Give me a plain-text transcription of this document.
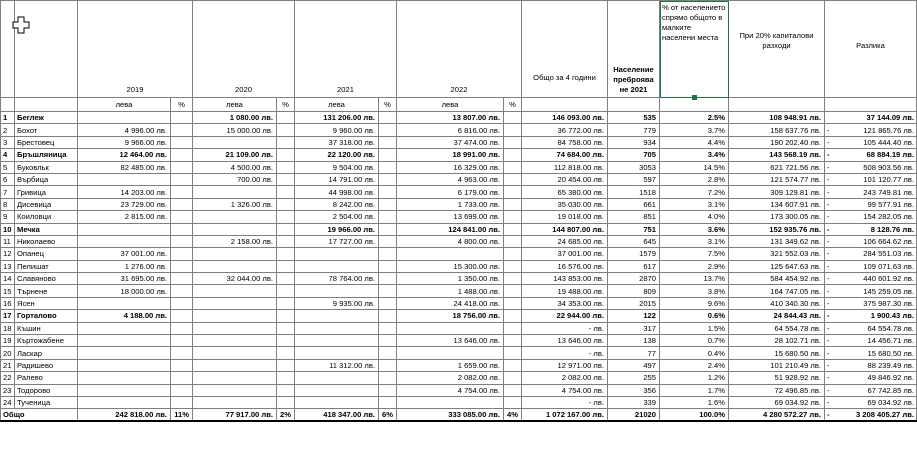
		2019		2020		2021		2022		Общо за 4 години	Население преброява не 2021	% от населението спрямо общото в малките населени места	При 20% капиталови разходи	Разлика
		лева	%	лева	%	лева	%	лева	%					
1	Беглеж			1 080.00 лв.		131 206.00 лв.		13 807.00 лв.		146 093.00 лв.	535	2.5%	108 948.91 лв.	37 144.09 лв.

2	Бохот	4 996.00 лв.		15 000.00 лв.		9 960.00 лв.		6 816.00 лв.		36 772.00 лв.	779	3.7%	158 637.76 лв.	- 121 865.76 лв.

3	Брестовец	9 966.00 лв.				37 318.00 лв.		37 474.00 лв.		84 758.00 лв.	934	4.4%	190 202.40 лв.	- 105 444.40 лв.

4	Бръшляница	12 464.00 лв.		21 109.00 лв.		22 120.00 лв.		18 991.00 лв.		74 684.00 лв.	705	3.4%	143 568.19 лв.	- 68 884.19 лв.

5	Буковльк	82 485.00 лв.		4 500.00 лв.		9 504.00 лв.		16 329.00 лв.		112 818.00 лв.	3053	14.5%	621 721.56 лв.	- 508 903.56 лв.

6	Върбица			700.00 лв.		14 791.00 лв.		4 963.00 лв.		20 454.00 лв.	597	2.8%	121 574.77 лв.	- 101 120.77 лв.

7	Гривица	14 203.00 лв.				44 998.00 лв.		6 179.00 лв.		65 380.00 лв.	1518	7.2%	309 129.81 лв.	- 243 749.81 лв.

8	Дисевица	23 729.00 лв.		1 326.00 лв.		8 242.00 лв.		1 733.00 лв.		35 030.00 лв.	661	3.1%	134 607.91 лв.	- 99 577.91 лв.

9	Коиловци	2 815.00 лв.				2 504.00 лв.		13 699.00 лв.		19 018.00 лв.	851	4.0%	173 300.05 лв.	- 154 282.05 лв.

10	Мечка					19 966.00 лв.		124 841.00 лв.		144 807.00 лв.	751	3.6%	152 935.76 лв.	- 8 128.76 лв.

11	Николаево			2 158.00 лв.		17 727.00 лв.		4 800.00 лв.		24 685.00 лв.	645	3.1%	131 349.62 лв.	- 106 664.62 лв.

12	Опанец	37 001.00 лв.								37 001.00 лв.	1579	7.5%	321 552.03 лв.	- 284 551.03 лв.

13	Пелишат	1 276.00 лв.						15 300.00 лв.		16 576.00 лв.	617	2.9%	125 647.63 лв.	- 109 071.63 лв.

14	Славяново	31 695.00 лв.		32 044.00 лв.		78 764.00 лв.		1 350.00 лв.		143 853.00 лв.	2870	13.7%	584 454.92 лв.	- 440 601.92 лв.

15	Търнене	18 000.00 лв.						1 488.00 лв.		19 488.00 лв.	809	3.8%	164 747.05 лв.	- 145 259.05 лв.

16	Ясен					9 935.00 лв.		24 418.00 лв.		34 353.00 лв.	2015	9.6%	410 340.30 лв.	- 375 987.30 лв.

17	Горталово	4 188.00 лв.						18 756.00 лв.		22 944.00 лв.	122	0.6%	24 844.43 лв.	- 1 900.43 лв.

18	Къшин									- лв.	317	1.5%	64 554.78 лв.	- 64 554.78 лв.

19	Къртожабене							13 646.00 лв.		13 646.00 лв.	138	0.7%	28 102.71 лв.	- 14 456.71 лв.

20	Ласкар									- лв.	77	0.4%	15 680.50 лв.	- 15 680.50 лв.

21	Радишево					11 312.00 лв.		1 659.00 лв.		12 971.00 лв.	497	2.4%	101 210.49 лв.	- 88 239.49 лв.

22	Ралево							2 082.00 лв.		2 082.00 лв.	255	1.2%	51 928.92 лв.	- 49 846.92 лв.

23	Тодорово							4 754.00 лв.		4 754.00 лв.	356	1.7%	72 496.85 лв.	- 67 742.85 лв.

24	Тученица									- лв.	339	1.6%	69 034.92 лв.	- 69 034.92 лв.

Общо		242 818.00 лв.	11%	77 917.00 лв.	2%	418 347.00 лв.	6%	333 085.00 лв.	4%	1 072 167.00 лв.	21020	100.0%	4 280 572.27 лв.	- 3 208 405.27 лв.
